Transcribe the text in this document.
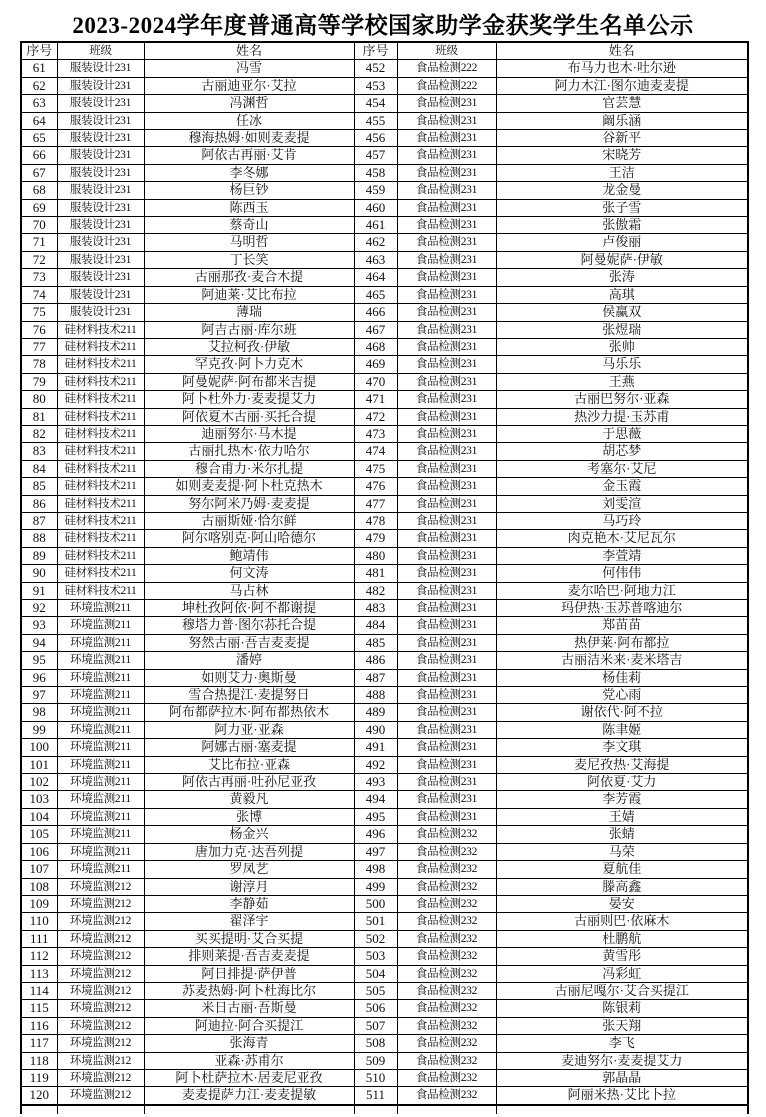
2023-2024学年度普通高等学校国家助学金获奖学生名单公示
序号	班级	姓名	序号	班级	姓名
61	服装设计231	冯雪	452	食品检测222	布马力也木·吐尔逊
62	服装设计231	古丽迪亚尔·艾拉	453	食品检测222	阿力木江·图尔迪麦麦提
63	服装设计231	冯渊哲	454	食品检测231	官芸慧
64	服装设计231	任冰	455	食品检测231	阚乐涵
65	服装设计231	穆海热姆·如则麦麦提	456	食品检测231	谷新平
66	服装设计231	阿依古再丽·艾肯	457	食品检测231	宋晓芳
67	服装设计231	李冬娜	458	食品检测231	王洁
68	服装设计231	杨巨钞	459	食品检测231	龙金曼
69	服装设计231	陈西玉	460	食品检测231	张子雪
70	服装设计231	蔡奇山	461	食品检测231	张傲霜
71	服装设计231	马明哲	462	食品检测231	卢俊丽
72	服装设计231	丁长笑	463	食品检测231	阿曼妮萨·伊敏
73	服装设计231	古丽那孜·麦合木提	464	食品检测231	张涛
74	服装设计231	阿迪莱·艾比布拉	465	食品检测231	高琪
75	服装设计231	薄瑞	466	食品检测231	侯赢双
76	硅材料技术211	阿吉古丽·库尔班	467	食品检测231	张煜瑞
77	硅材料技术211	艾拉柯孜·伊敏	468	食品检测231	张帅
78	硅材料技术211	罕克孜·阿卜力克木	469	食品检测231	马乐乐
79	硅材料技术211	阿曼妮萨·阿布都米吉提	470	食品检测231	王燕
80	硅材料技术211	阿卜杜外力·麦麦提艾力	471	食品检测231	古丽巴努尔·亚森
81	硅材料技术211	阿依夏木古丽·买托合提	472	食品检测231	热沙力提·玉苏甫
82	硅材料技术211	迪丽努尔·马木提	473	食品检测231	于思薇
83	硅材料技术211	古丽扎热木·依力哈尔	474	食品检测231	胡芯梦
84	硅材料技术211	穆合甫力·米尔扎提	475	食品检测231	考塞尔·艾尼
85	硅材料技术211	如则麦麦提·阿卜杜克热木	476	食品检测231	金玉霞
86	硅材料技术211	努尔阿米乃姆·麦麦提	477	食品检测231	刘雯渲
87	硅材料技术211	古丽斯娅·恰尔鲜	478	食品检测231	马巧玲
88	硅材料技术211	阿尔喀别克·阿山哈德尔	479	食品检测231	肉克艳木·艾尼瓦尔
89	硅材料技术211	鲍靖伟	480	食品检测231	李萱靖
90	硅材料技术211	何文涛	481	食品检测231	何伟伟
91	硅材料技术211	马占林	482	食品检测231	麦尔哈巴·阿地力江
92	环境监测211	坤杜孜阿依·阿不都谢提	483	食品检测231	玛伊热·玉苏普喀迪尔
93	环境监测211	穆塔力普·图尔荪托合提	484	食品检测231	郑苗苗
94	环境监测211	努然古丽·吾吉麦麦提	485	食品检测231	热伊莱·阿布都拉
95	环境监测211	潘婷	486	食品检测231	古丽洁米来·麦米塔吉
96	环境监测211	如则艾力·奥斯曼	487	食品检测231	杨佳莉
97	环境监测211	雪合热提江·麦提努日	488	食品检测231	党心雨
98	环境监测211	阿布都萨拉木·阿布都热依木	489	食品检测231	谢依代·阿不拉
99	环境监测211	阿力亚·亚森	490	食品检测231	陈聿姬
100	环境监测211	阿娜古丽·塞麦提	491	食品检测231	李文琪
101	环境监测211	艾比布拉·亚森	492	食品检测231	麦尼孜热·艾海提
102	环境监测211	阿依古再丽·吐孙尼亚孜	493	食品检测231	阿依夏·艾力
103	环境监测211	黄毅凡	494	食品检测231	李芳霞
104	环境监测211	张博	495	食品检测231	王婧
105	环境监测211	杨金兴	496	食品检测232	张蜻
106	环境监测211	唐加力克·达吾列提	497	食品检测232	马荣
107	环境监测211	罗凤艺	498	食品检测232	夏航佳
108	环境监测212	谢淳月	499	食品检测232	滕高鑫
109	环境监测212	李静茹	500	食品检测232	晏安
110	环境监测212	翟泽宇	501	食品检测232	古丽则巴·依麻木
111	环境监测212	买买提明·艾合买提	502	食品检测232	杜鹏航
112	环境监测212	排则莱提·吾吉麦麦提	503	食品检测232	黄雪彤
113	环境监测212	阿日排提·萨伊普	504	食品检测232	冯彩虹
114	环境监测212	苏麦热姆·阿卜杜海比尔	505	食品检测232	古丽尼嘎尔·艾合买提江
115	环境监测212	米日古丽·吾斯曼	506	食品检测232	陈银莉
116	环境监测212	阿迪拉·阿合买提江	507	食品检测232	张天翔
117	环境监测212	张海青	508	食品检测232	李飞
118	环境监测212	亚森·苏甫尔	509	食品检测232	麦迪努尔·麦麦提艾力
119	环境监测212	阿卜杜萨拉木·居麦尼亚孜	510	食品检测232	郭晶晶
120	环境监测212	麦麦提萨力江·麦麦提敏	511	食品检测232	阿丽米热·艾比卜拉
